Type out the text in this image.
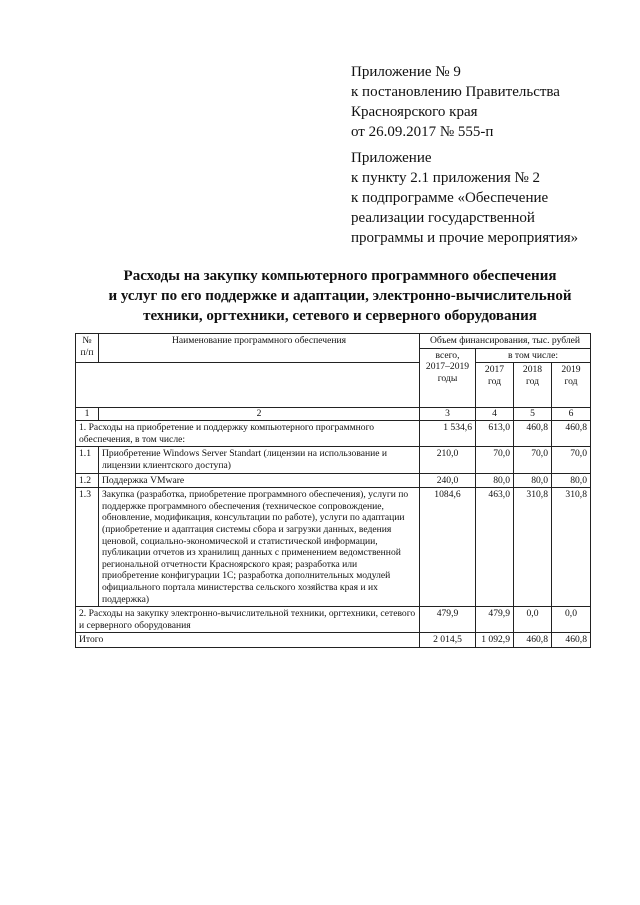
Приложение № 9
к постановлению Правительства
Красноярского края
от 26.09.2017 № 555-п
Приложение
к пункту 2.1 приложения № 2
к подпрограмме «Обеспечение
реализации государственной
программы и прочие мероприятия»
Расходы на закупку компьютерного программного обеспечения
и услуг по его поддержке и адаптации, электронно-вычислительной
техники, оргтехники, сетевого и серверного оборудования
№ п/п	Наименование программного обеспечения	Объем финансирования, тыс. рублей			
		всего, 2017–2019 годы	в том числе:		
			2017 год	2018 год	2019 год
1	2	3	4	5	6
1. Расходы на приобретение и поддержку компьютерного программного обеспечения, в том числе:		1 534,6	613,0	460,8	460,8
1.1	Приобретение Windows Server Standart (лицензии на использование и лицензии клиентского доступа)	210,0	70,0	70,0	70,0
1.2	Поддержка VMware	240,0	80,0	80,0	80,0
1.3	Закупка (разработка, приобретение программного обеспечения), услуги по поддержке программного обеспечения (техническое сопровождение, обновление, модификация, консультации по работе), услуги по адаптации (приобретение и адаптация системы сбора и загрузки данных, ведения ценовой, социально-экономической и статистической информации, публикации отчетов из хранилищ данных с применением ведомственной региональной отчетности Красноярского края; разработка или приобретение конфигурации 1С; разработка дополнительных модулей официального портала министерства сельского хозяйства края и их поддержка)	1084,6	463,0	310,8	310,8
2. Расходы на закупку электронно-вычислительной техники, оргтехники, сетевого и серверного оборудования		479,9	479,9	0,0	0,0
Итого		2 014,5	1 092,9	460,8	460,8
